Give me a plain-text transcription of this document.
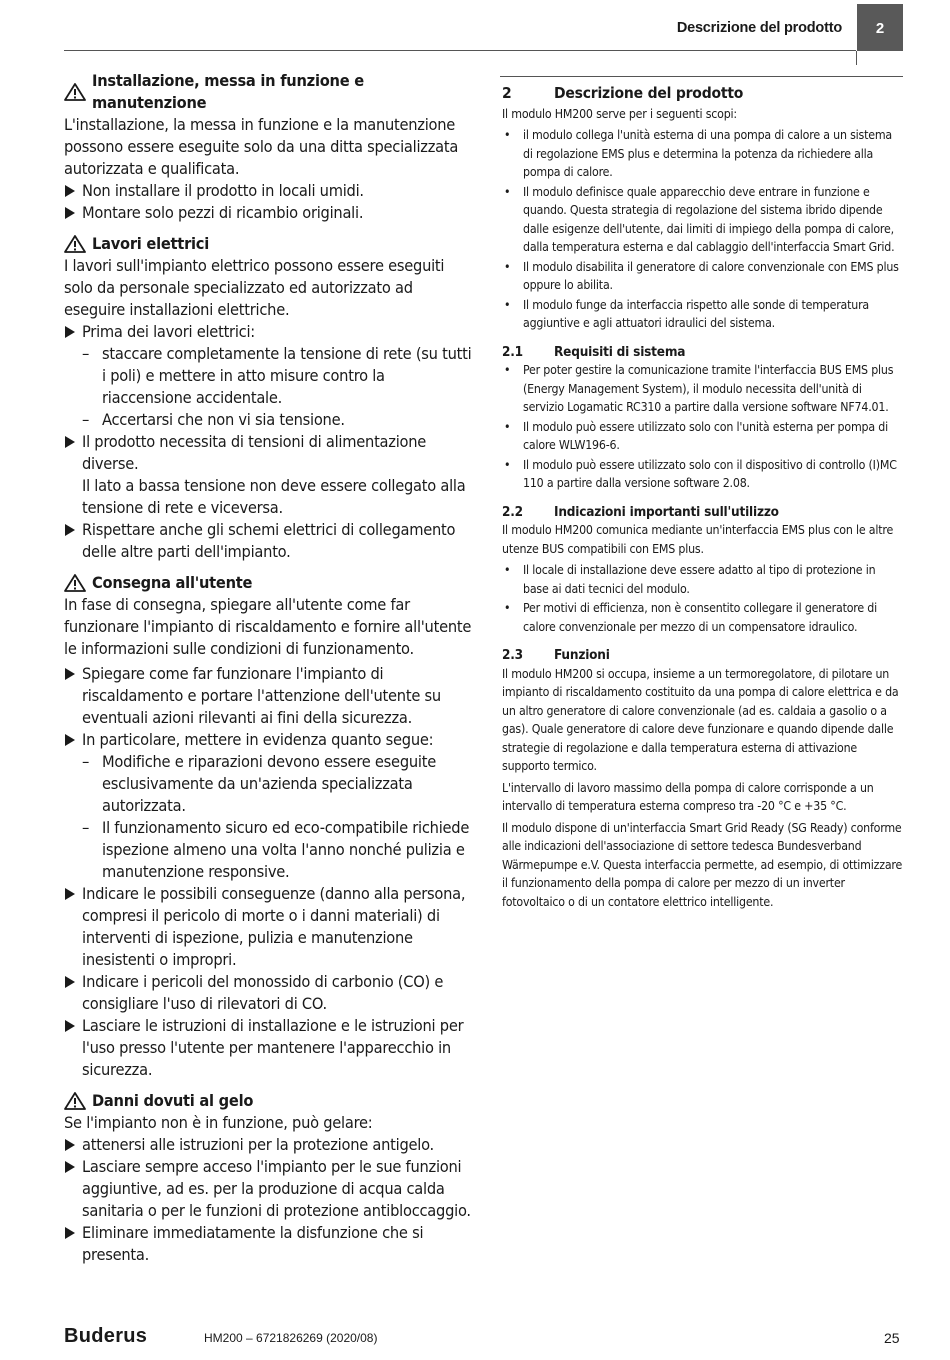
Descrizione del prodotto	2
Installazione, messa in funzione e manutenzione

L'installazione, la messa in funzione e la manutenzione possono essere eseguite solo da una ditta specializzata autorizzata e qualificata.

Non installare il prodotto in locali umidi.
Montare solo pezzi di ricambio originali.
Lavori elettrici

I lavori sull'impianto elettrico possono essere eseguiti solo da personale specializzato ed autorizzato ad eseguire installazioni elettriche.

Prima dei lavori elettrici:
– staccare completamente la tensione di rete (su tutti i poli) e mettere in atto misure contro la riaccensione accidentale.
– Accertarsi che non vi sia tensione.
Il prodotto necessita di tensioni di alimentazione diverse.
Il lato a bassa tensione non deve essere collegato alla tensione di rete e viceversa.
Rispettare anche gli schemi elettrici di collegamento delle altre parti dell'impianto.
Consegna all'utente

In fase di consegna, spiegare all'utente come far funzionare l'impianto di riscaldamento e fornire all'utente le informazioni sulle condizioni di funzionamento.

Spiegare come far funzionare l'impianto di riscaldamento e portare l'attenzione dell'utente su eventuali azioni rilevanti ai fini della sicurezza.
In particolare, mettere in evidenza quanto segue:
– Modifiche e riparazioni devono essere eseguite esclusivamente da un'azienda specializzata autorizzata.
– Il funzionamento sicuro ed eco-compatibile richiede ispezione almeno una volta l'anno nonché pulizia e manutenzione responsive.
Indicare le possibili conseguenze (danno alla persona, compresi il pericolo di morte o i danni materiali) di interventi di ispezione, pulizia e manutenzione inesistenti o impropri.
Indicare i pericoli del monossido di carbonio (CO) e consigliare l'uso di rilevatori di CO.
Lasciare le istruzioni di installazione e le istruzioni per l'uso presso l'utente per mantenere l'apparecchio in sicurezza.
Danni dovuti al gelo

Se l'impianto non è in funzione, può gelare:

attenersi alle istruzioni per la protezione antigelo.
Lasciare sempre acceso l'impianto per le sue funzioni aggiuntive, ad es. per la produzione di acqua calda sanitaria o per le funzioni di protezione antibloccaggio.
Eliminare immediatamente la disfunzione che si presenta.
2	Descrizione del prodotto

Il modulo HM200 serve per i seguenti scopi:

•	il modulo collega l'unità esterna di una pompa di calore a un sistema di regolazione EMS plus e determina la potenza da richiedere alla pompa di calore.
•	Il modulo definisce quale apparecchio deve entrare in funzione e quando. Questa strategia di regolazione del sistema ibrido dipende dalle esigenze dell'utente, dai limiti di impiego della pompa di calore, dalla temperatura esterna e dal cablaggio dell'interfaccia Smart Grid.
•	Il modulo disabilita il generatore di calore convenzionale con EMS plus oppure lo abilita.
•	Il modulo funge da interfaccia rispetto alle sonde di temperatura aggiuntive e agli attuatori idraulici del sistema.
2.1	Requisiti di sistema
•	Per poter gestire la comunicazione tramite l'interfaccia BUS EMS plus (Energy Management System), il modulo necessita dell'unità di servizio Logamatic RC310 a partire dalla versione software NF74.01.
•	Il modulo può essere utilizzato solo con l'unità esterna per pompa di calore WLW196-6.
•	Il modulo può essere utilizzato solo con il dispositivo di controllo (I)MC 110 a partire dalla versione software 2.08.
2.2	Indicazioni importanti sull'utilizzo

Il modulo HM200 comunica mediante un'interfaccia EMS plus con le altre utenze BUS compatibili con EMS plus.

•	Il locale di installazione deve essere adatto al tipo di protezione in base ai dati tecnici del modulo.
•	Per motivi di efficienza, non è consentito collegare il generatore di calore convenzionale per mezzo di un compensatore idraulico.
2.3	Funzioni

Il modulo HM200 si occupa, insieme a un termoregolatore, di pilotare un impianto di riscaldamento costituito da una pompa di calore elettrica e da un altro generatore di calore convenzionale (ad es. caldaia a gasolio o a gas). Quale generatore di calore deve funzionare e quando dipende dalle strategie di regolazione e dalla temperatura esterna di attivazione supporto termico.

L'intervallo di lavoro massimo della pompa di calore corrisponde a un intervallo di temperatura esterna compreso tra -20 °C e +35 °C.

Il modulo dispone di un'interfaccia Smart Grid Ready (SG Ready) conforme alle indicazioni dell'associazione di settore tedesca Bundesverband Wärmepumpe e.V. Questa interfaccia permette, ad esempio, di ottimizzare il funzionamento della pompa di calore per mezzo di un inverter fotovoltaico o di un contatore elettrico intelligente.

Buderus	HM200 – 6721826269 (2020/08)	25
